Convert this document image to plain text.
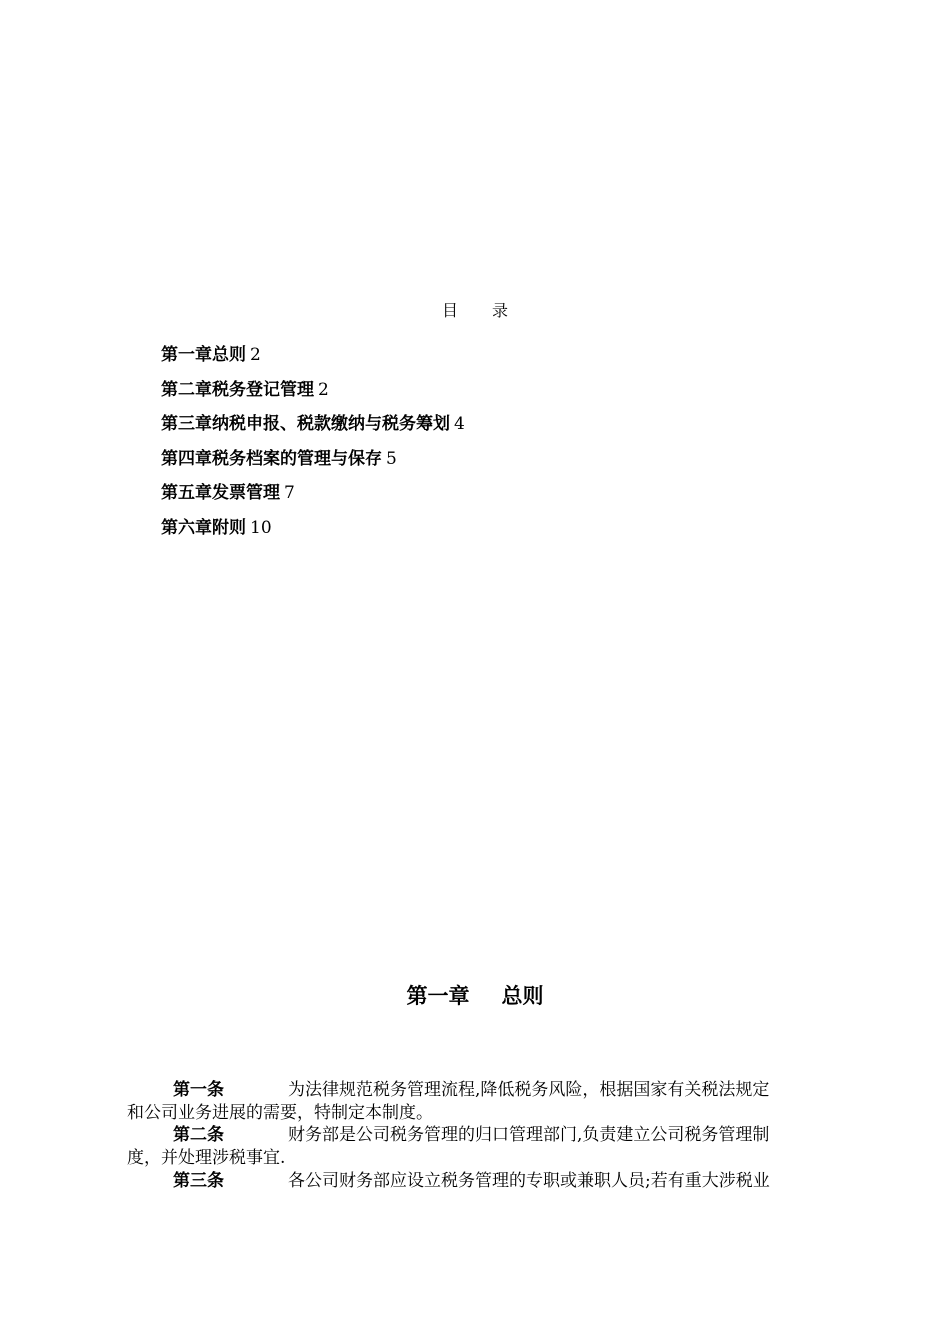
目 录
第一章总则 2
第二章税务登记管理 2
第三章纳税申报、税款缴纳与税务筹划 4
第四章税务档案的管理与保存 5
第五章发票管理 7
第六章附则 10
第一章 总则

第一条	为法律规范税务管理流程,降低税务风险，根据国家有关税法规定
和公司业务进展的需要，特制定本制度。

第二条	财务部是公司税务管理的归口管理部门,负责建立公司税务管理制
度，并处理涉税事宜.

第三条	各公司财务部应设立税务管理的专职或兼职人员;若有重大涉税业
